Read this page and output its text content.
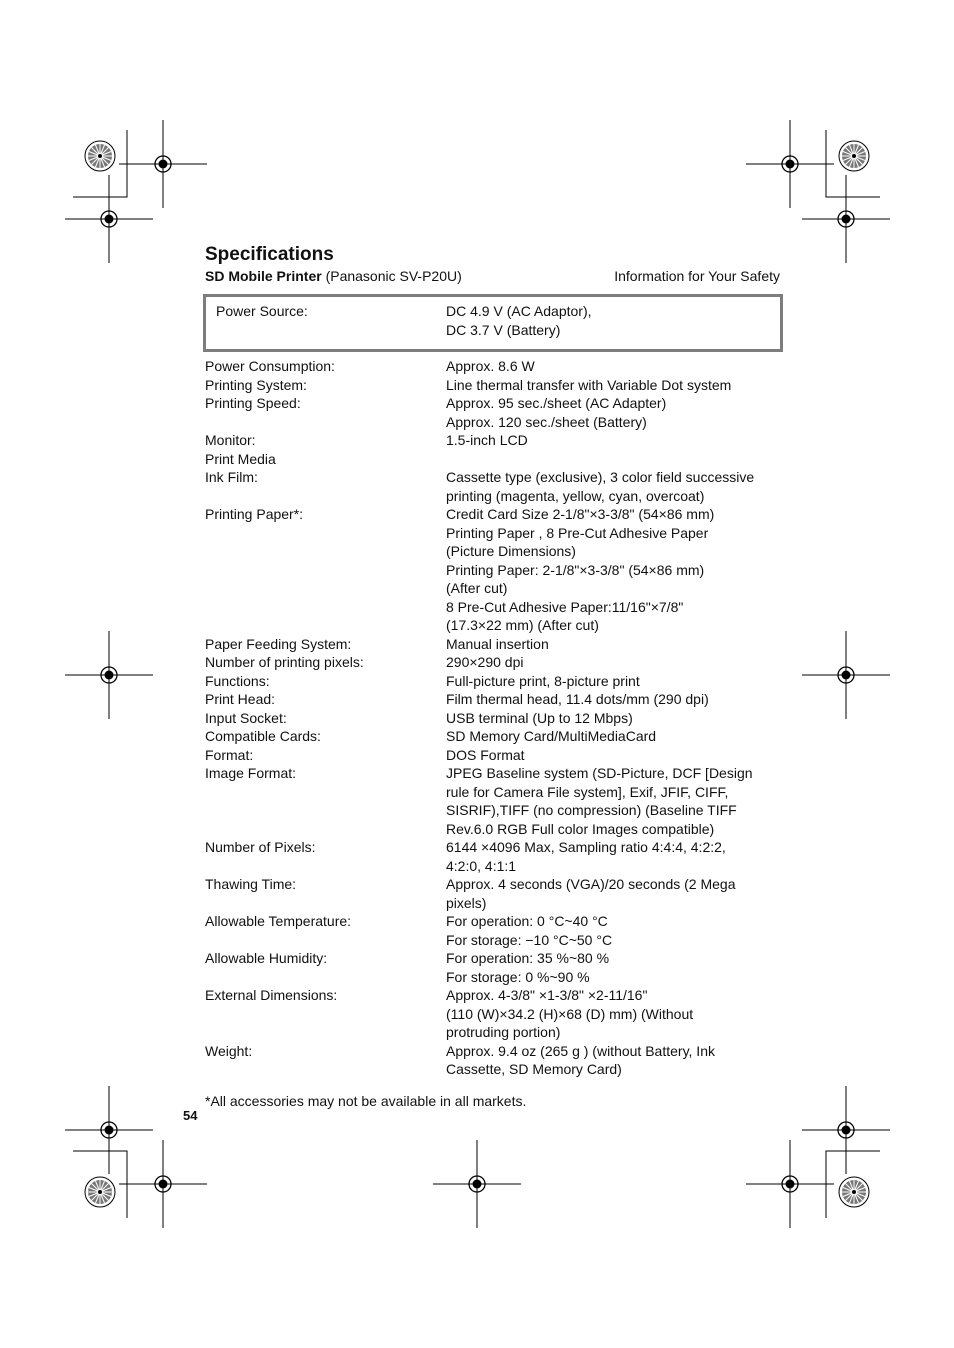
Specifications
SD Mobile Printer (Panasonic SV-P20U)	Information for Your Safety
Power Source:	DC 4.9 V (AC Adaptor),
DC 3.7 V (Battery)
Power Consumption:	Approx. 8.6 W
Printing System:	Line thermal transfer with Variable Dot system
Printing Speed:	Approx. 95 sec./sheet (AC Adapter)
Approx. 120 sec./sheet (Battery)
Monitor:	1.5-inch LCD
Print Media

Ink Film:	Cassette type (exclusive), 3 color field successive
printing (magenta, yellow, cyan, overcoat)
Printing Paper*:	Credit Card Size 2-1/8"×3-3/8" (54×86 mm)
Printing Paper , 8 Pre-Cut Adhesive Paper
(Picture Dimensions)
Printing Paper: 2-1/8"×3-3/8" (54×86 mm)
(After cut)
8 Pre-Cut Adhesive Paper:11/16"×7/8"
(17.3×22 mm) (After cut)
Paper Feeding System:	Manual insertion
Number of printing pixels:	290×290 dpi
Functions:	Full-picture print, 8-picture print
Print Head:	Film thermal head, 11.4 dots/mm (290 dpi)
Input Socket:	USB terminal (Up to 12 Mbps)
Compatible Cards:	SD Memory Card/MultiMediaCard
Format:	DOS Format
Image Format:	JPEG Baseline system (SD-Picture, DCF [Design
rule for Camera File system], Exif, JFIF, CIFF,
SISRIF),TIFF (no compression) (Baseline TIFF
Rev.6.0 RGB Full color Images compatible)
Number of Pixels:	6144 ×4096 Max, Sampling ratio 4:4:4, 4:2:2,
4:2:0, 4:1:1
Thawing Time:	Approx. 4 seconds (VGA)/20 seconds (2 Mega
pixels)
Allowable Temperature:	For operation: 0 °C~40 °C
For storage: −10 °C~50 °C
Allowable Humidity:	For operation: 35 %~80 %
For storage: 0 %~90 %
External Dimensions:	Approx. 4-3/8" ×1-3/8" ×2-11/16"
(110 (W)×34.2 (H)×68 (D) mm) (Without
protruding portion)
Weight:	Approx. 9.4 oz (265 g ) (without Battery, Ink
Cassette, SD Memory Card)
*All accessories may not be available in all markets.
54
